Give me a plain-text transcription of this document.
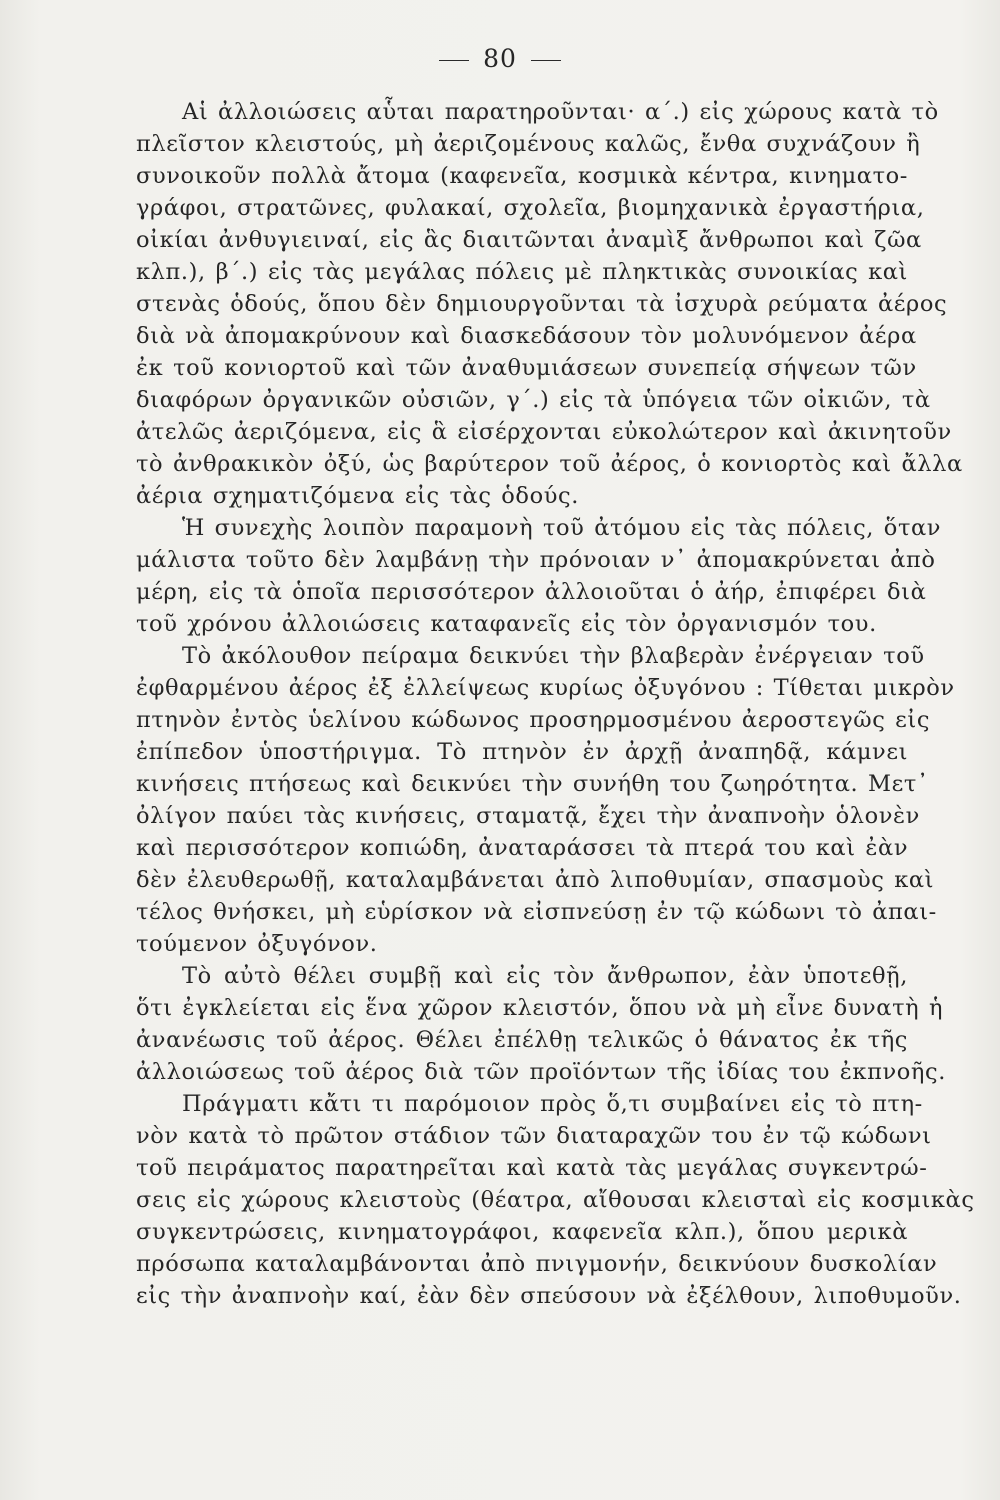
80
Αἱ ἀλλοιώσεις αὗται παρατηροῦνται· α΄.) εἰς χώρους κατὰ τὸ
πλεῖστον κλειστούς, μὴ ἀεριζομένους καλῶς, ἔνθα συχνάζουν ἢ
συνοικοῦν πολλὰ ἄτομα (καφενεῖα, κοσμικὰ κέντρα, κινηματο-
γράφοι, στρατῶνες, φυλακαί, σχολεῖα, βιομηχανικὰ ἐργαστήρια,
οἰκίαι ἀνθυγιειναί, εἰς ἃς διαιτῶνται ἀναμὶξ ἄνθρωποι καὶ ζῶα
κλπ.), β΄.) εἰς τὰς μεγάλας πόλεις μὲ πληκτικὰς συνοικίας καὶ
στενὰς ὁδούς, ὅπου δὲν δημιουργοῦνται τὰ ἰσχυρὰ ρεύματα ἀέρος
διὰ νὰ ἀπομακρύνουν καὶ διασκεδάσουν τὸν μολυνόμενον ἀέρα
ἐκ τοῦ κονιορτοῦ καὶ τῶν ἀναθυμιάσεων συνεπείᾳ σήψεων τῶν
διαφόρων ὀργανικῶν οὐσιῶν, γ΄.) εἰς τὰ ὑπόγεια τῶν οἰκιῶν, τὰ
ἀτελῶς ἀεριζόμενα, εἰς ἃ εἰσέρχονται εὐκολώτερον καὶ ἀκινητοῦν
τὸ ἀνθρακικὸν ὀξύ, ὡς βαρύτερον τοῦ ἀέρος, ὁ κονιορτὸς καὶ ἄλλα
ἀέρια σχηματιζόμενα εἰς τὰς ὁδούς.
Ἡ συνεχὴς λοιπὸν παραμονὴ τοῦ ἀτόμου εἰς τὰς πόλεις, ὅταν
μάλιστα τοῦτο δὲν λαμβάνῃ τὴν πρόνοιαν ν᾽ ἀπομακρύνεται ἀπὸ
μέρη, εἰς τὰ ὁποῖα περισσότερον ἀλλοιοῦται ὁ ἀήρ, ἐπιφέρει διὰ
τοῦ χρόνου ἀλλοιώσεις καταφανεῖς εἰς τὸν ὀργανισμόν του.
Τὸ ἀκόλουθον πείραμα δεικνύει τὴν βλαβερὰν ἐνέργειαν τοῦ
ἐφθαρμένου ἀέρος ἐξ ἐλλείψεως κυρίως ὀξυγόνου : Τίθεται μικρὸν
πτηνὸν ἐντὸς ὑελίνου κώδωνος προσηρμοσμένου ἀεροστεγῶς εἰς
ἐπίπεδον ὑποστήριγμα. Τὸ πτηνὸν ἐν ἀρχῇ ἀναπηδᾷ, κάμνει
κινήσεις πτήσεως καὶ δεικνύει τὴν συνήθη του ζωηρότητα. Μετ᾽
ὀλίγον παύει τὰς κινήσεις, σταματᾷ, ἔχει τὴν ἀναπνοὴν ὁλονὲν
καὶ περισσότερον κοπιώδη, ἀναταράσσει τὰ πτερά του καὶ ἐὰν
δὲν ἐλευθερωθῇ, καταλαμβάνεται ἀπὸ λιποθυμίαν, σπασμοὺς καὶ
τέλος θνήσκει, μὴ εὑρίσκον νὰ εἰσπνεύσῃ ἐν τῷ κώδωνι τὸ ἀπαι-
τούμενον ὀξυγόνον.
Τὸ αὐτὸ θέλει συμβῇ καὶ εἰς τὸν ἄνθρωπον, ἐὰν ὑποτεθῇ,
ὅτι ἐγκλείεται εἰς ἕνα χῶρον κλειστόν, ὅπου νὰ μὴ εἶνε δυνατὴ ἡ
ἀνανέωσις τοῦ ἀέρος. Θέλει ἐπέλθῃ τελικῶς ὁ θάνατος ἐκ τῆς
ἀλλοιώσεως τοῦ ἀέρος διὰ τῶν προϊόντων τῆς ἰδίας του ἐκπνοῆς.
Πράγματι κἄτι τι παρόμοιον πρὸς ὅ,τι συμβαίνει εἰς τὸ πτη-
νὸν κατὰ τὸ πρῶτον στάδιον τῶν διαταραχῶν του ἐν τῷ κώδωνι
τοῦ πειράματος παρατηρεῖται καὶ κατὰ τὰς μεγάλας συγκεντρώ-
σεις εἰς χώρους κλειστοὺς (θέατρα, αἴθουσαι κλεισταὶ εἰς κοσμικὰς
συγκεντρώσεις, κινηματογράφοι, καφενεῖα κλπ.), ὅπου μερικὰ
πρόσωπα καταλαμβάνονται ἀπὸ πνιγμονήν, δεικνύουν δυσκολίαν
εἰς τὴν ἀναπνοὴν καί, ἐὰν δὲν σπεύσουν νὰ ἐξέλθουν, λιποθυμοῦν.
